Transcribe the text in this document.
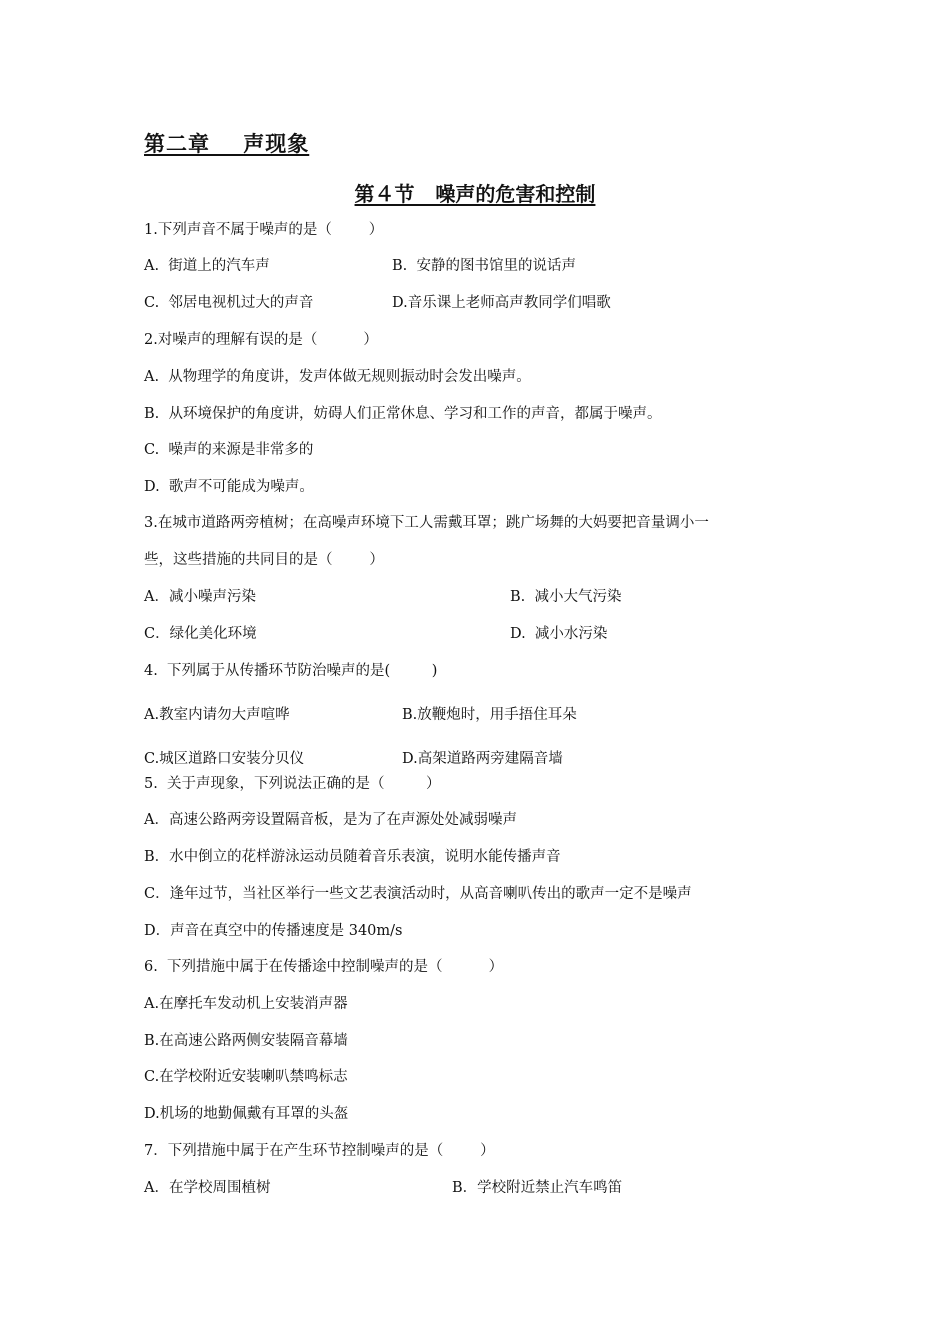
第二章    声现象
第４节   噪声的危害和控制
1.下列声音不属于噪声的是（        ）
A.  街道上的汽车声	B.  安静的图书馆里的说话声
C.  邻居电视机过大的声音	D.音乐课上老师高声教同学们唱歌
2.对噪声的理解有误的是（          ）
A.  从物理学的角度讲，发声体做无规则振动时会发出噪声。
B.  从环境保护的角度讲，妨碍人们正常休息、学习和工作的声音，都属于噪声。
C.  噪声的来源是非常多的
D.  歌声不可能成为噪声。
3.在城市道路两旁植树；在高噪声环境下工人需戴耳罩；跳广场舞的大妈要把音量调小一
些，这些措施的共同目的是（        ）
A．减小噪声污染	B.  减小大气污染
C．绿化美化环境	D.  减小水污染
4.  下列属于从传播环节防治噪声的是(         )
A.教室内请勿大声喧哗	B.放鞭炮时，用手捂住耳朵
C.城区道路口安装分贝仪	D.高架道路两旁建隔音墙
5.  关于声现象，下列说法正确的是（         ）
A．高速公路两旁设置隔音板，是为了在声源处处减弱噪声
B．水中倒立的花样游泳运动员随着音乐表演，说明水能传播声音
C．逢年过节，当社区举行一些文艺表演活动时，从高音喇叭传出的歌声一定不是噪声
D．声音在真空中的传播速度是 340m/s
6.  下列措施中属于在传播途中控制噪声的是（          ）
A.在摩托车发动机上安装消声器
B.在高速公路两侧安装隔音幕墙
C.在学校附近安装喇叭禁鸣标志
D.机场的地勤佩戴有耳罩的头盔
7．下列措施中属于在产生环节控制噪声的是（        ）
A．在学校周围植树	B．学校附近禁止汽车鸣笛
